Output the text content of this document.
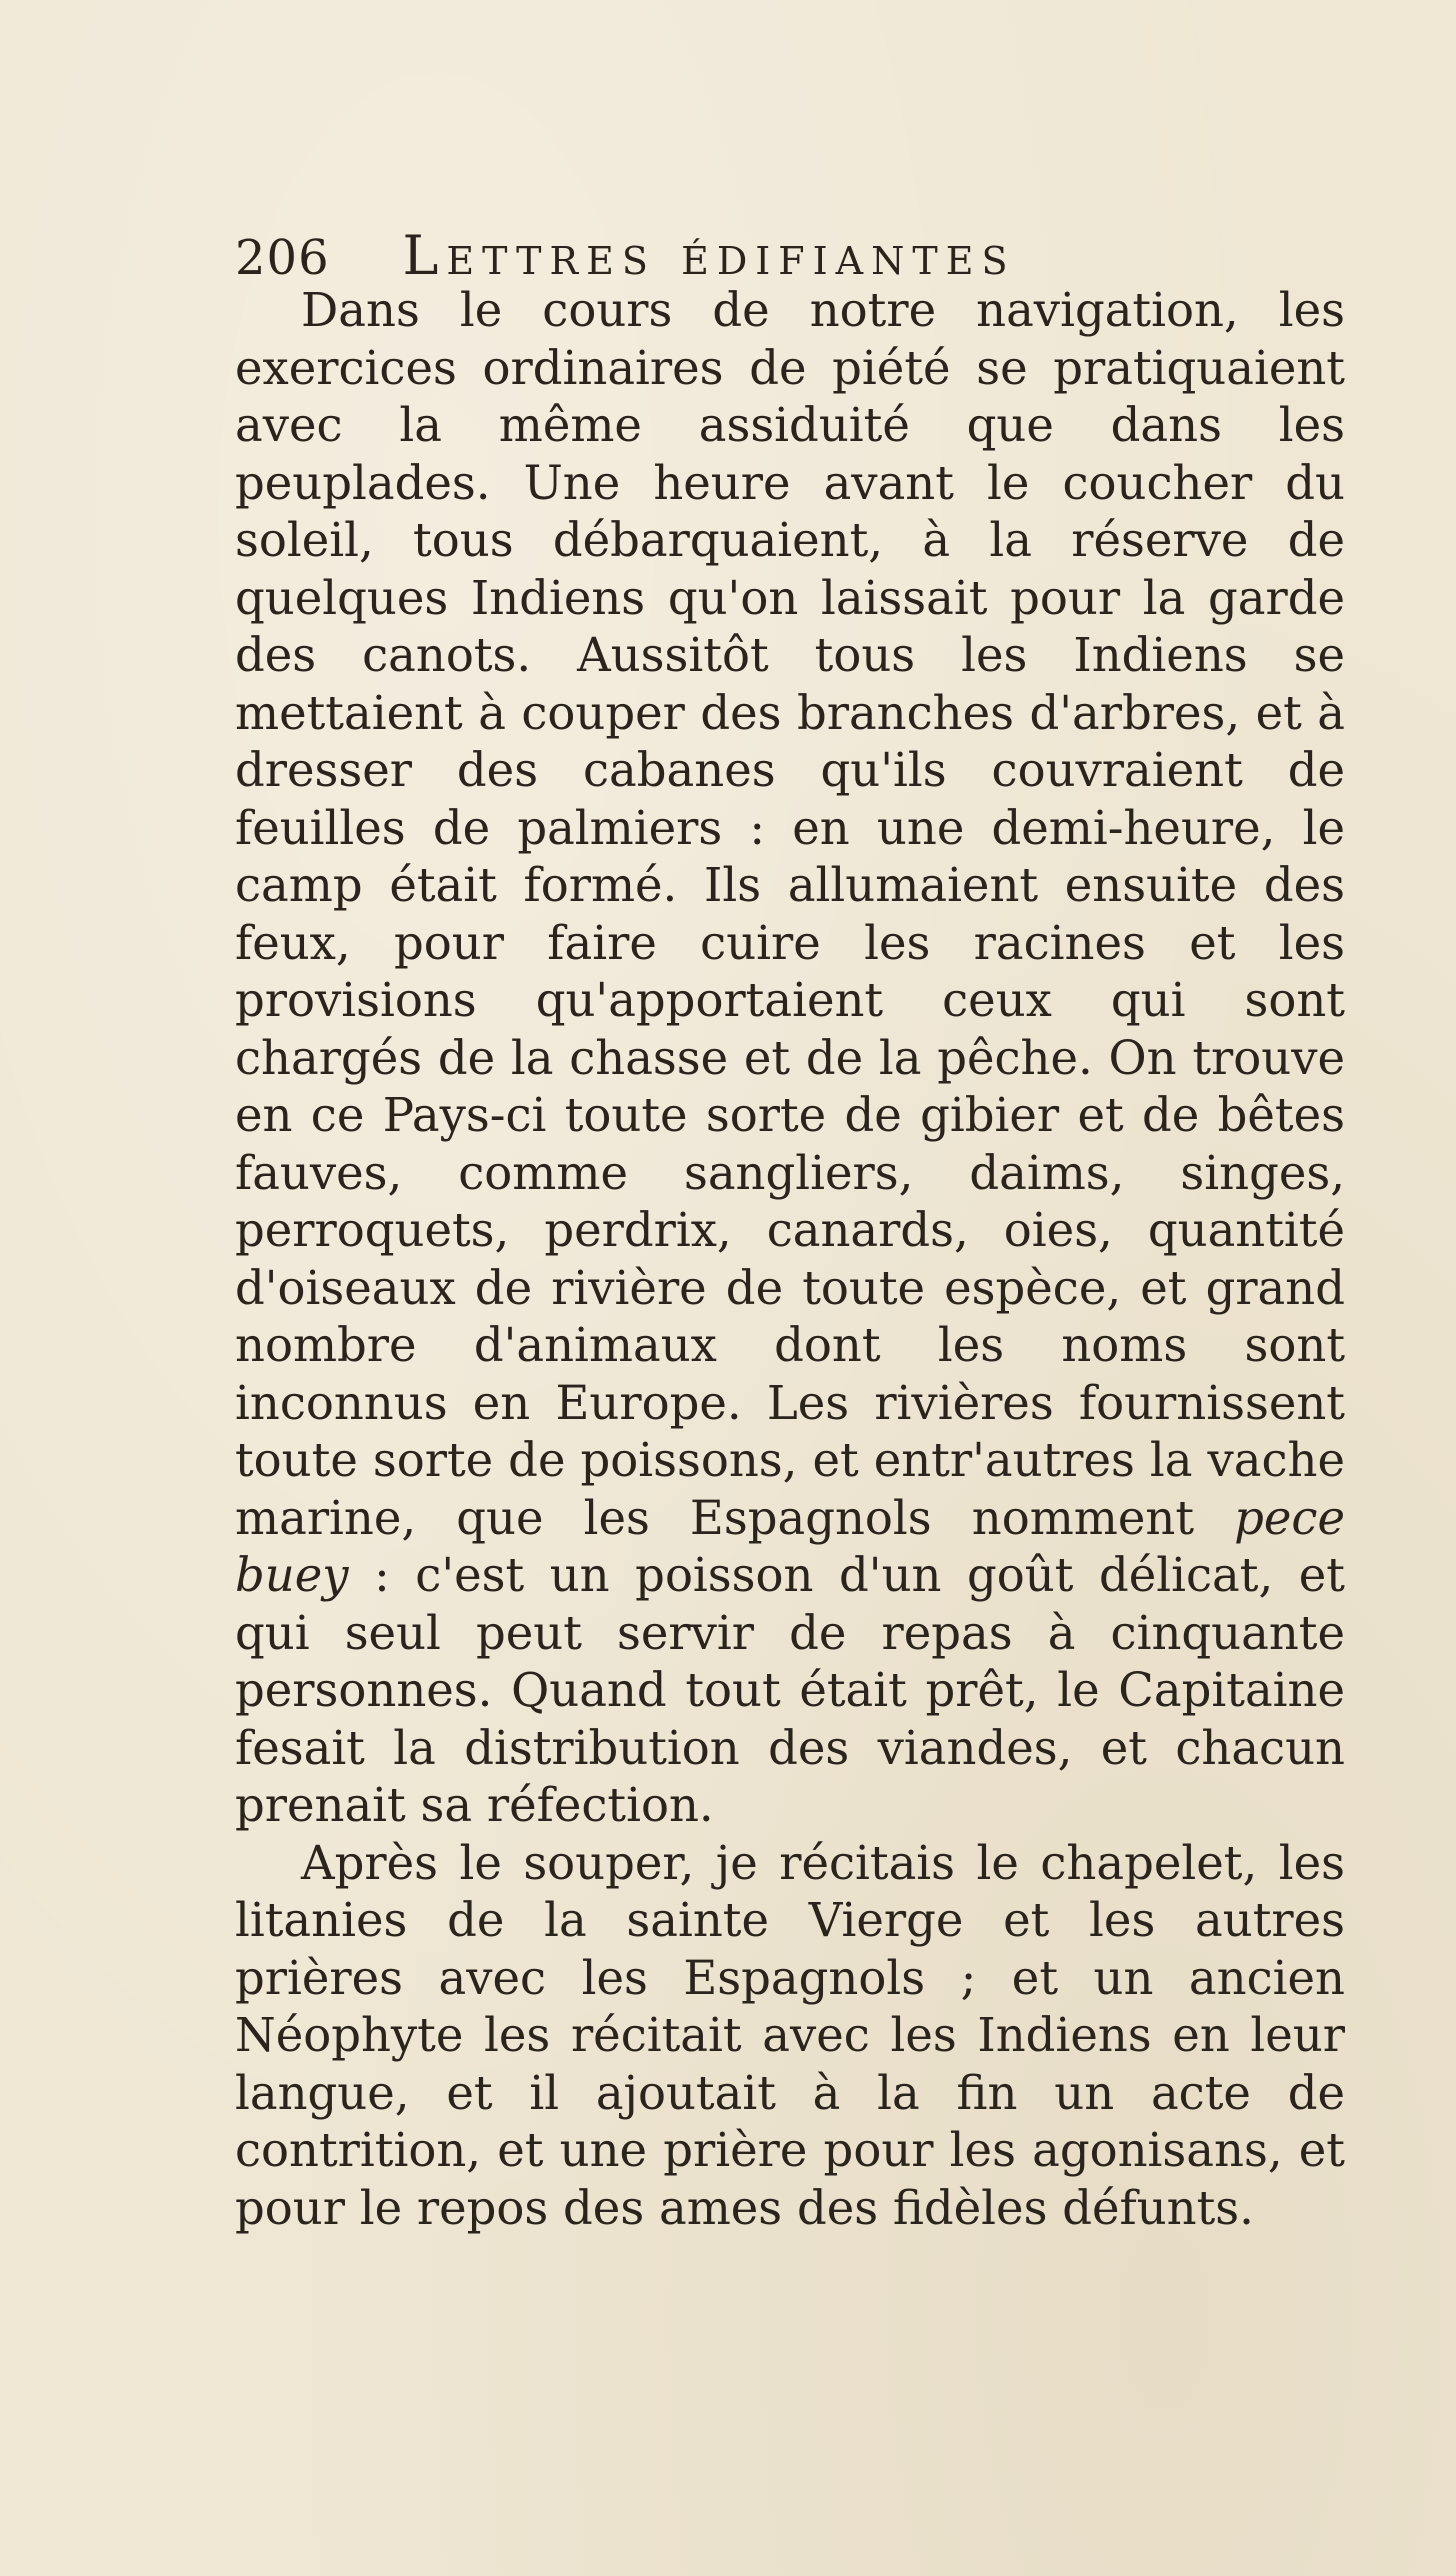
206 Lettres édifiantes

Dans le cours de notre navigation, les exercices ordinaires de piété se pratiquaient avec la même assiduité que dans les peuplades. Une heure avant le coucher du soleil, tous débarquaient, à la réserve de quelques Indiens qu'on laissait pour la garde des canots. Aussitôt tous les Indiens se mettaient à couper des branches d'arbres, et à dresser des cabanes qu'ils couvraient de feuilles de palmiers : en une demi-heure, le camp était formé. Ils allumaient ensuite des feux, pour faire cuire les racines et les provisions qu'apportaient ceux qui sont chargés de la chasse et de la pêche. On trouve en ce Pays-ci toute sorte de gibier et de bêtes fauves, comme sangliers, daims, singes, perroquets, perdrix, canards, oies, quantité d'oiseaux de rivière de toute espèce, et grand nombre d'animaux dont les noms sont inconnus en Europe. Les rivières fournissent toute sorte de poissons, et entr'autres la vache marine, que les Espagnols nomment pece buey : c'est un poisson d'un goût délicat, et qui seul peut servir de repas à cinquante personnes. Quand tout était prêt, le Capitaine fesait la distribution des viandes, et chacun prenait sa réfection.

Après le souper, je récitais le chapelet, les litanies de la sainte Vierge et les autres prières avec les Espagnols ; et un ancien Néophyte les récitait avec les Indiens en leur langue, et il ajoutait à la fin un acte de contrition, et une prière pour les agonisans, et pour le repos des ames des fidèles défunts.
